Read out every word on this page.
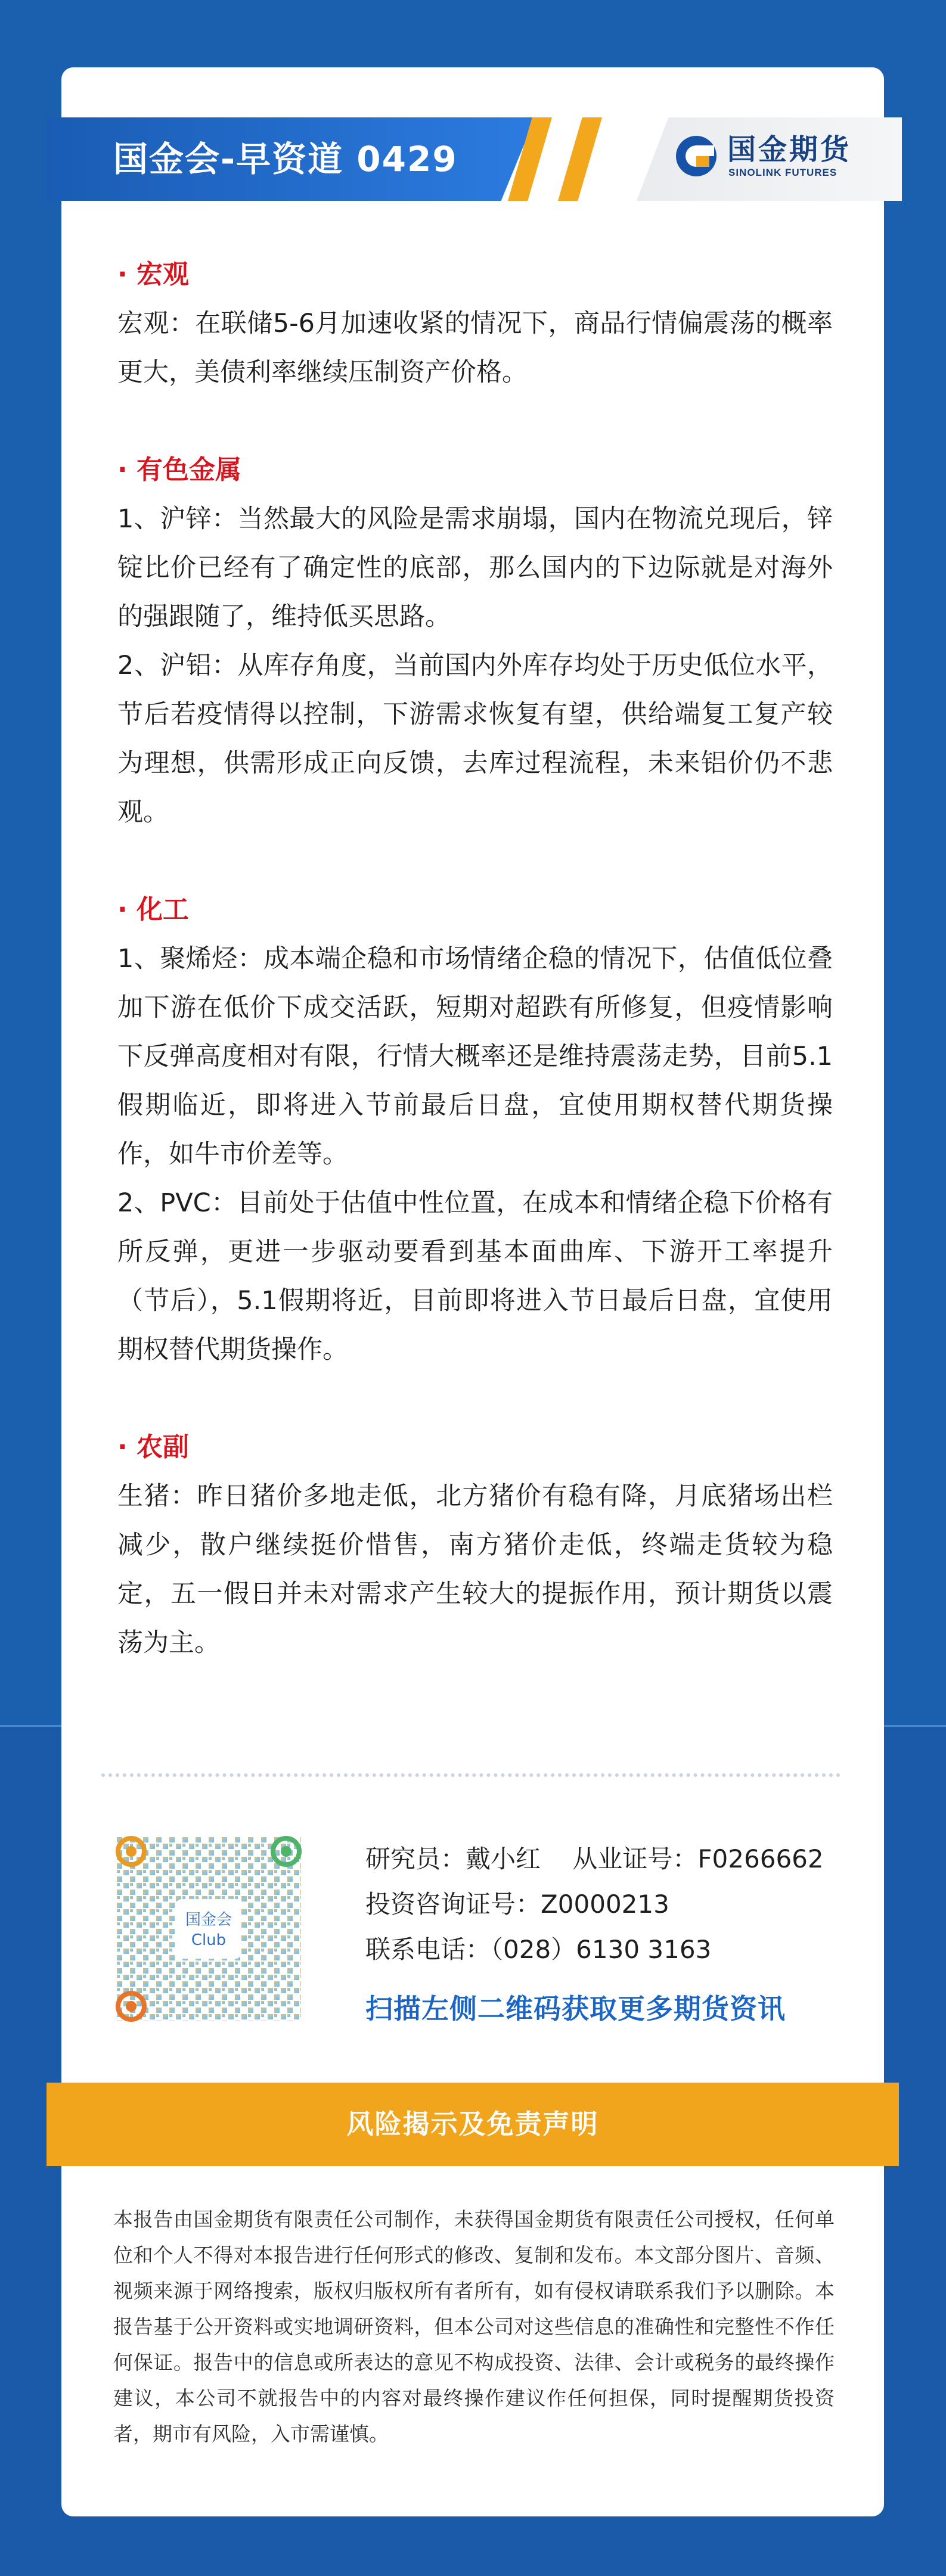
国金会-早资道 0429	国金期货
SINOLINK FUTURES
· 宏观

宏观：在联储5-6月加速收紧的情况下，商品行情偏震荡的概率更大，美债利率继续压制资产价格。

· 有色金属

1、沪锌：当然最大的风险是需求崩塌，国内在物流兑现后，锌锭比价已经有了确定性的底部，那么国内的下边际就是对海外的强跟随了，维持低买思路。

2、沪铝：从库存角度，当前国内外库存均处于历史低位水平，节后若疫情得以控制，下游需求恢复有望，供给端复工复产较为理想，供需形成正向反馈，去库过程流程，未来铝价仍不悲观。

· 化工

1、聚烯烃：成本端企稳和市场情绪企稳的情况下，估值低位叠加下游在低价下成交活跃，短期对超跌有所修复，但疫情影响下反弹高度相对有限，行情大概率还是维持震荡走势，目前5.1假期临近，即将进入节前最后日盘，宜使用期权替代期货操作，如牛市价差等。

2、PVC：目前处于估值中性位置，在成本和情绪企稳下价格有所反弹，更进一步驱动要看到基本面曲库、下游开工率提升（节后），5.1假期将近，目前即将进入节日最后日盘，宜使用期权替代期货操作。

· 农副

生猪：昨日猪价多地走低，北方猪价有稳有降，月底猪场出栏减少，散户继续挺价惜售，南方猪价走低，终端走货较为稳定，五一假日并未对需求产生较大的提振作用，预计期货以震荡为主。

国金会
Club
研究员：戴小红    从业证号：F0266662
投资咨询证号：Z0000213
联系电话：（028）6130 3163
扫描左侧二维码获取更多期货资讯
风险揭示及免责声明
本报告由国金期货有限责任公司制作，未获得国金期货有限责任公司授权，任何单位和个人不得对本报告进行任何形式的修改、复制和发布。本文部分图片、音频、视频来源于网络搜索，版权归版权所有者所有，如有侵权请联系我们予以删除。本报告基于公开资料或实地调研资料，但本公司对这些信息的准确性和完整性不作任何保证。报告中的信息或所表达的意见不构成投资、法律、会计或税务的最终操作建议，本公司不就报告中的内容对最终操作建议作任何担保，同时提醒期货投资者，期市有风险，入市需谨慎。
